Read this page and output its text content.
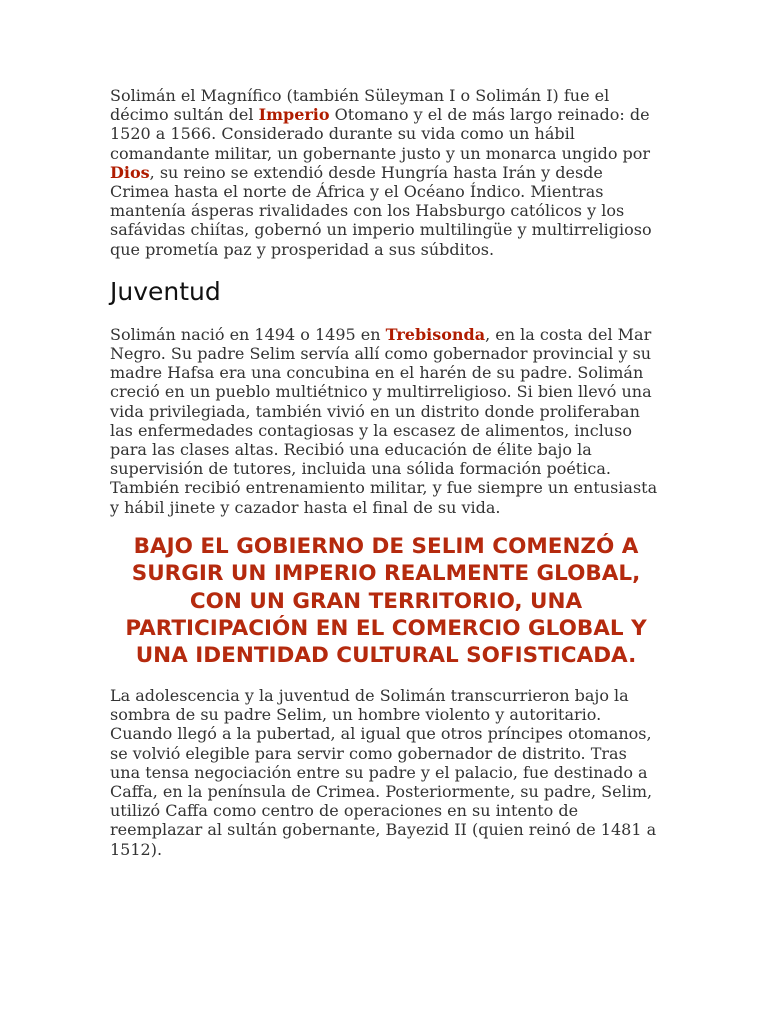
Solimán el Magnífico (también Süleyman I o Solimán I) fue el décimo sultán del Imperio Otomano y el de más largo reinado: de 1520 a 1566. Considerado durante su vida como un hábil comandante militar, un gobernante justo y un monarca ungido por Dios, su reino se extendió desde Hungría hasta Irán y desde Crimea hasta el norte de África y el Océano Índico. Mientras mantenía ásperas rivalidades con los Habsburgo católicos y los safávidas chiítas, gobernó un imperio multilingüe y multirreligioso que prometía paz y prosperidad a sus súbditos.

Juventud

Solimán nació en 1494 o 1495 en Trebisonda, en la costa del Mar Negro. Su padre Selim servía allí como gobernador provincial y su madre Hafsa era una concubina en el harén de su padre. Solimán creció en un pueblo multiétnico y multirreligioso. Si bien llevó una vida privilegiada, también vivió en un distrito donde proliferaban las enfermedades contagiosas y la escasez de alimentos, incluso para las clases altas. Recibió una educación de élite bajo la supervisión de tutores, incluida una sólida formación poética. También recibió entrenamiento militar, y fue siempre un entusiasta y hábil jinete y cazador hasta el final de su vida.

BAJO EL GOBIERNO DE SELIM COMENZÓ A SURGIR UN IMPERIO REALMENTE GLOBAL, CON UN GRAN TERRITORIO, UNA PARTICIPACIÓN EN EL COMERCIO GLOBAL Y UNA IDENTIDAD CULTURAL SOFISTICADA.

La adolescencia y la juventud de Solimán transcurrieron bajo la sombra de su padre Selim, un hombre violento y autoritario. Cuando llegó a la pubertad, al igual que otros príncipes otomanos, se volvió elegible para servir como gobernador de distrito. Tras una tensa negociación entre su padre y el palacio, fue destinado a Caffa, en la península de Crimea. Posteriormente, su padre, Selim, utilizó Caffa como centro de operaciones en su intento de reemplazar al sultán gobernante, Bayezid II (quien reinó de 1481 a 1512).
